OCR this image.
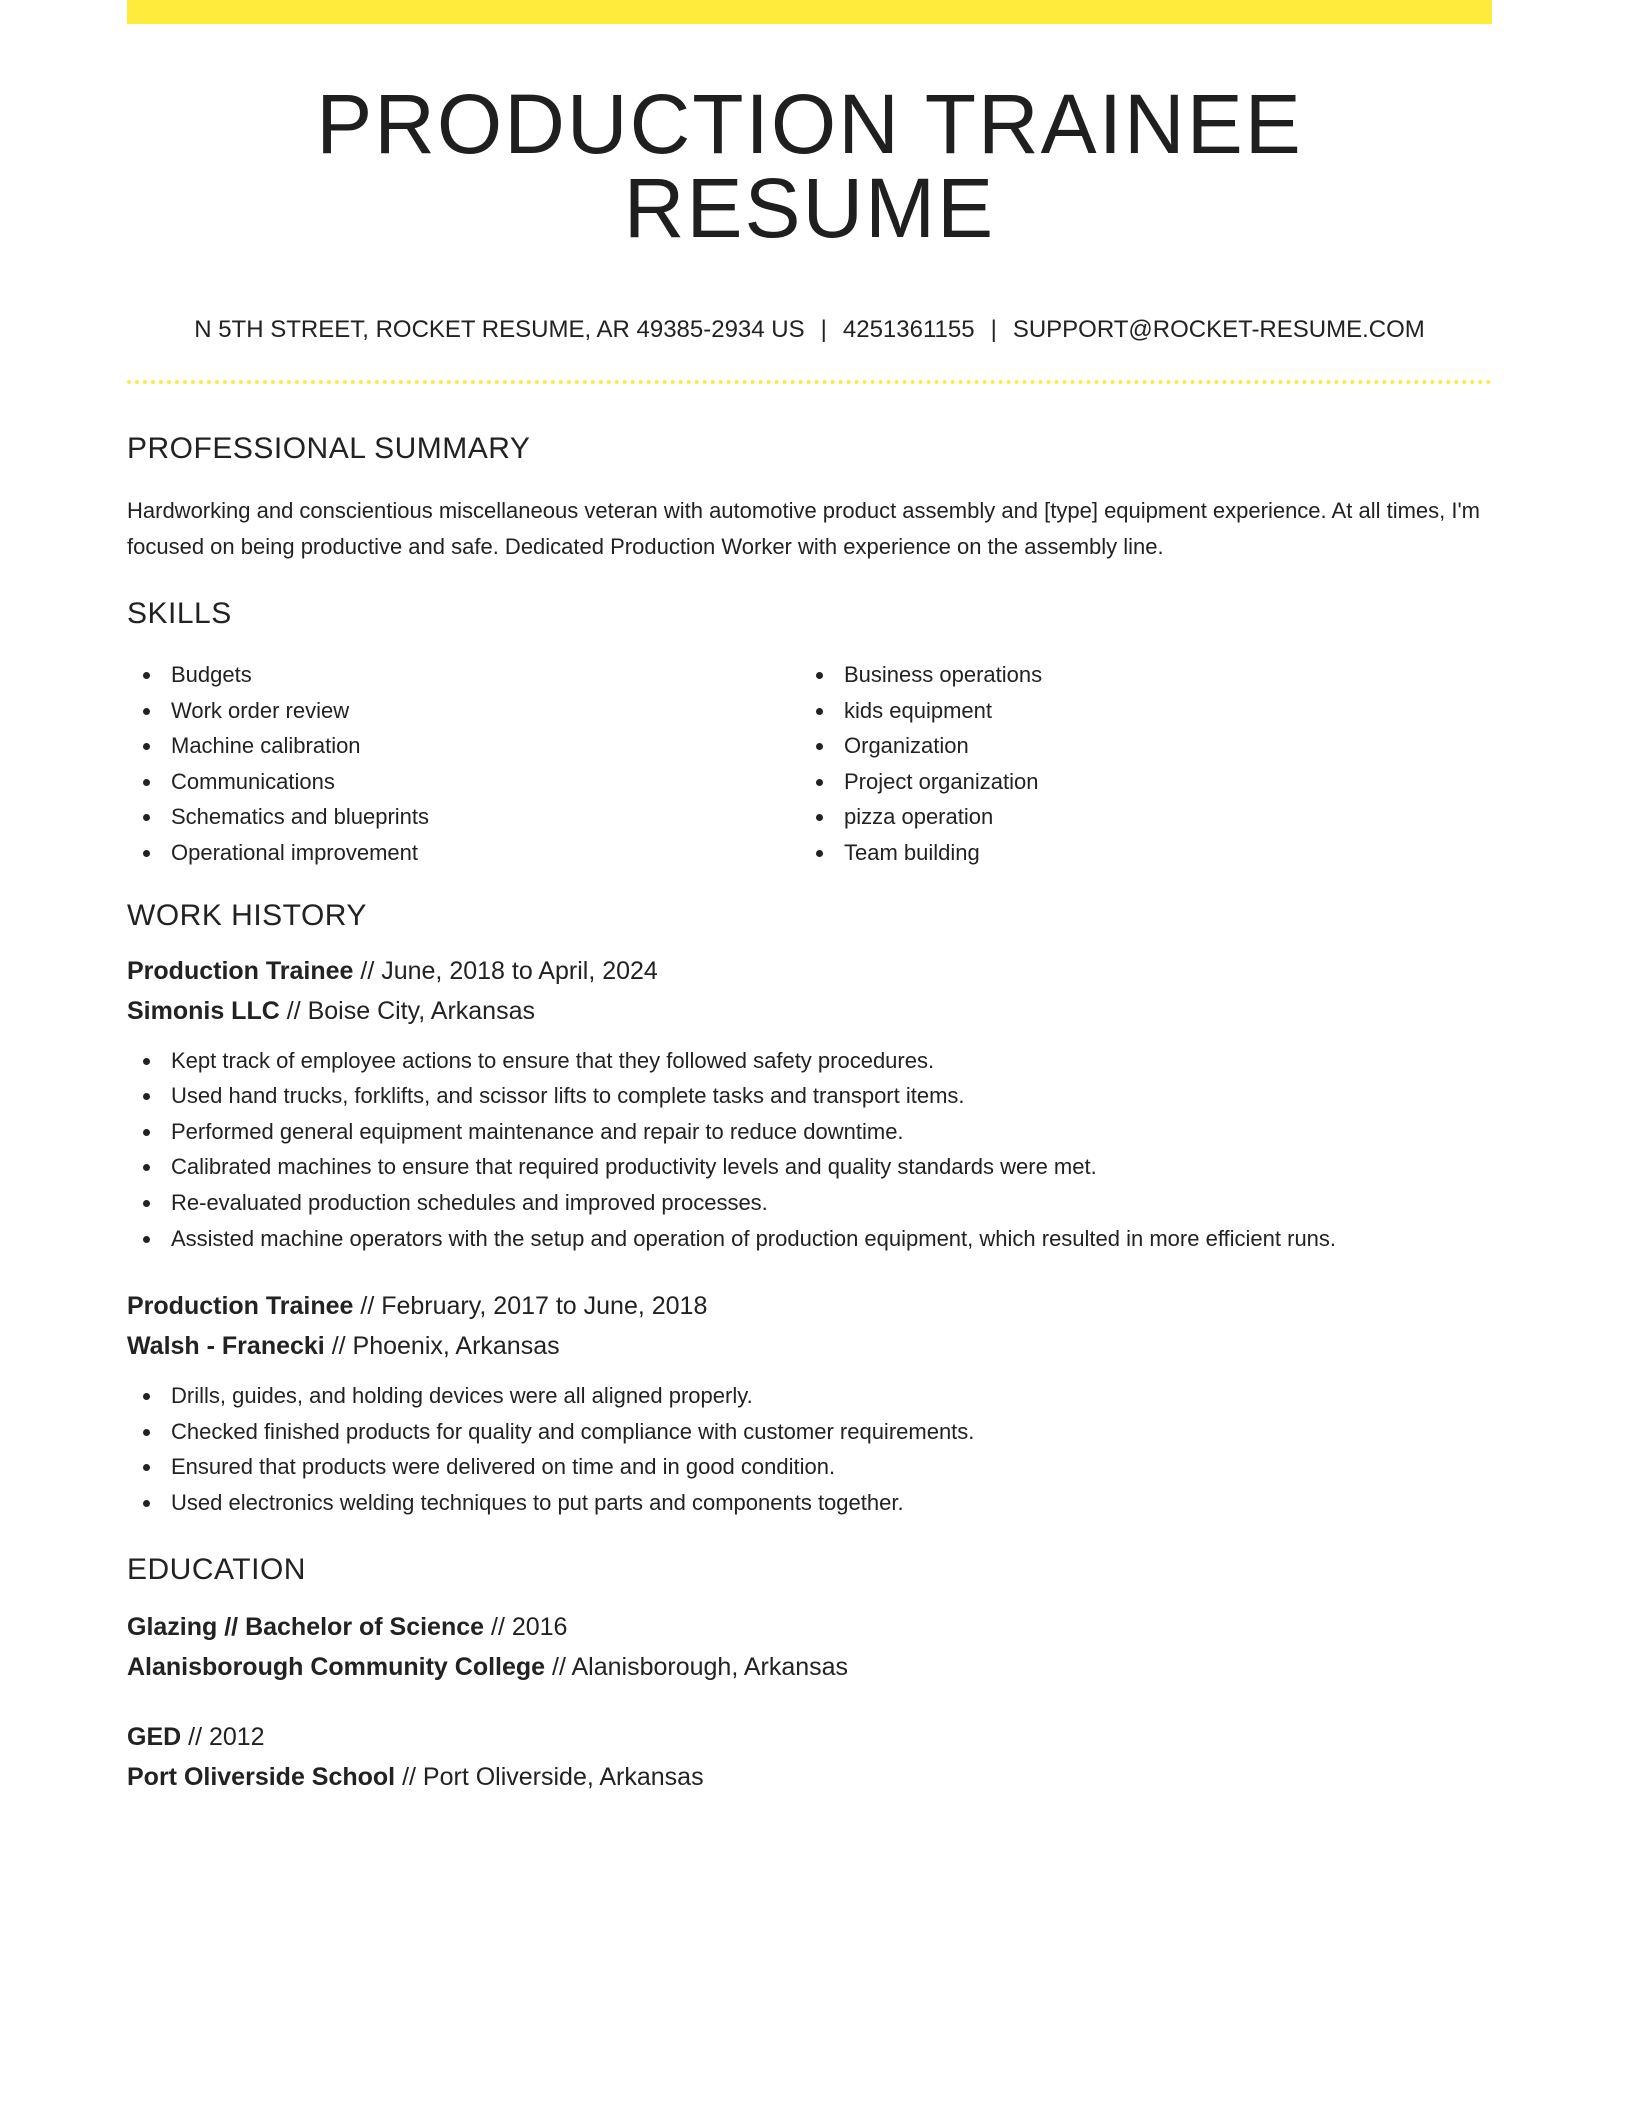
PRODUCTION TRAINEE RESUME
N 5TH STREET, ROCKET RESUME, AR 49385-2934 US | 4251361155 | SUPPORT@ROCKET-RESUME.COM
PROFESSIONAL SUMMARY

Hardworking and conscientious miscellaneous veteran with automotive product assembly and [type] equipment experience. At all times, I'm focused on being productive and safe. Dedicated Production Worker with experience on the assembly line.

SKILLS
Budgets
Work order review
Machine calibration
Communications
Schematics and blueprints
Operational improvement
Business operations
kids equipment
Organization
Project organization
pizza operation
Team building
WORK HISTORY
Production Trainee // June, 2018 to April, 2024
Simonis LLC // Boise City, Arkansas
Kept track of employee actions to ensure that they followed safety procedures.
Used hand trucks, forklifts, and scissor lifts to complete tasks and transport items.
Performed general equipment maintenance and repair to reduce downtime.
Calibrated machines to ensure that required productivity levels and quality standards were met.
Re-evaluated production schedules and improved processes.
Assisted machine operators with the setup and operation of production equipment, which resulted in more efficient runs.
Production Trainee // February, 2017 to June, 2018
Walsh - Franecki // Phoenix, Arkansas
Drills, guides, and holding devices were all aligned properly.
Checked finished products for quality and compliance with customer requirements.
Ensured that products were delivered on time and in good condition.
Used electronics welding techniques to put parts and components together.
EDUCATION
Glazing // Bachelor of Science // 2016
Alanisborough Community College // Alanisborough, Arkansas
GED // 2012
Port Oliverside School // Port Oliverside, Arkansas
